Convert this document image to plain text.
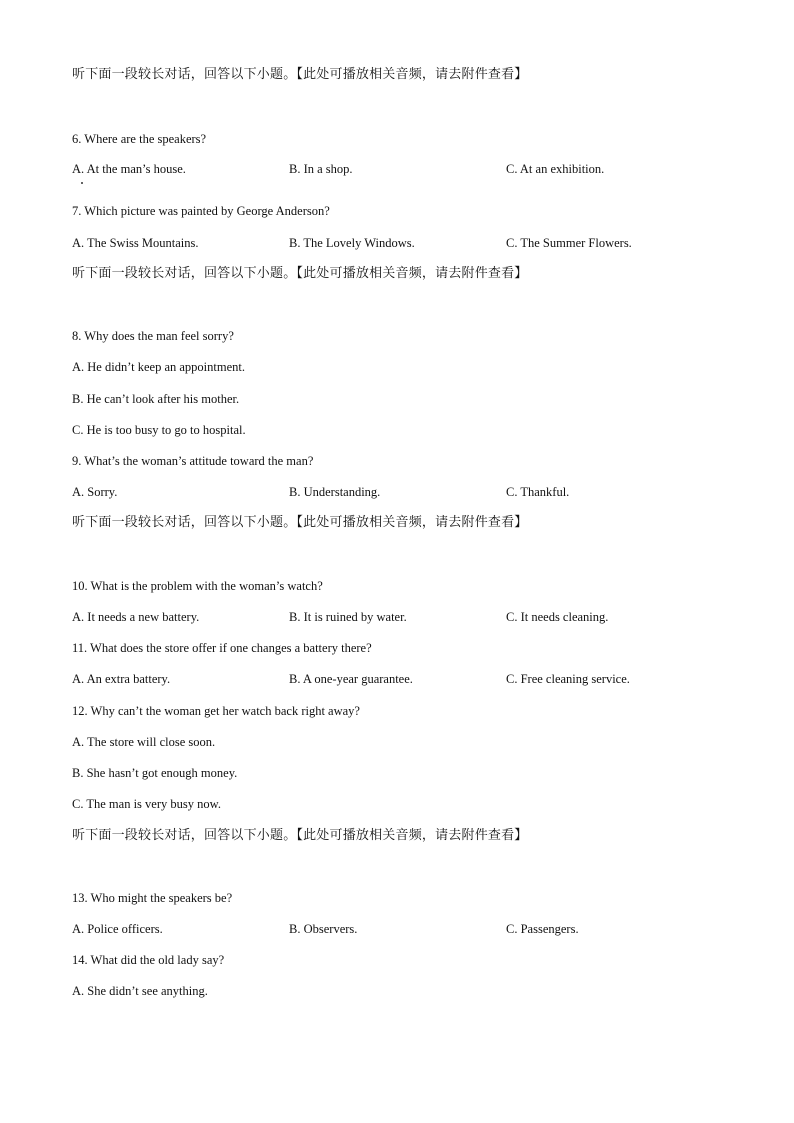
听下面一段较长对话，回答以下小题。【此处可播放相关音频，请去附件查看】
6. Where are the speakers?
A. At the man’s house.	B. In a shop.	C. At an exhibition.
7. Which picture was painted by George Anderson?
A. The Swiss Mountains.	B. The Lovely Windows.	C. The Summer Flowers.
听下面一段较长对话，回答以下小题。【此处可播放相关音频，请去附件查看】
8. Why does the man feel sorry?
A. He didn’t keep an appointment.
B. He can’t look after his mother.
C. He is too busy to go to hospital.
9. What’s the woman’s attitude toward the man?
A. Sorry.	B. Understanding.	C. Thankful.
听下面一段较长对话，回答以下小题。【此处可播放相关音频，请去附件查看】
10. What is the problem with the woman’s watch?
A. It needs a new battery.	B. It is ruined by water.	C. It needs cleaning.
11. What does the store offer if one changes a battery there?
A. An extra battery.	B. A one-year guarantee.	C. Free cleaning service.
12. Why can’t the woman get her watch back right away?
A. The store will close soon.
B. She hasn’t got enough money.
C. The man is very busy now.
听下面一段较长对话，回答以下小题。【此处可播放相关音频，请去附件查看】
13. Who might the speakers be?
A. Police officers.	B. Observers.	C. Passengers.
14. What did the old lady say?
A. She didn’t see anything.
